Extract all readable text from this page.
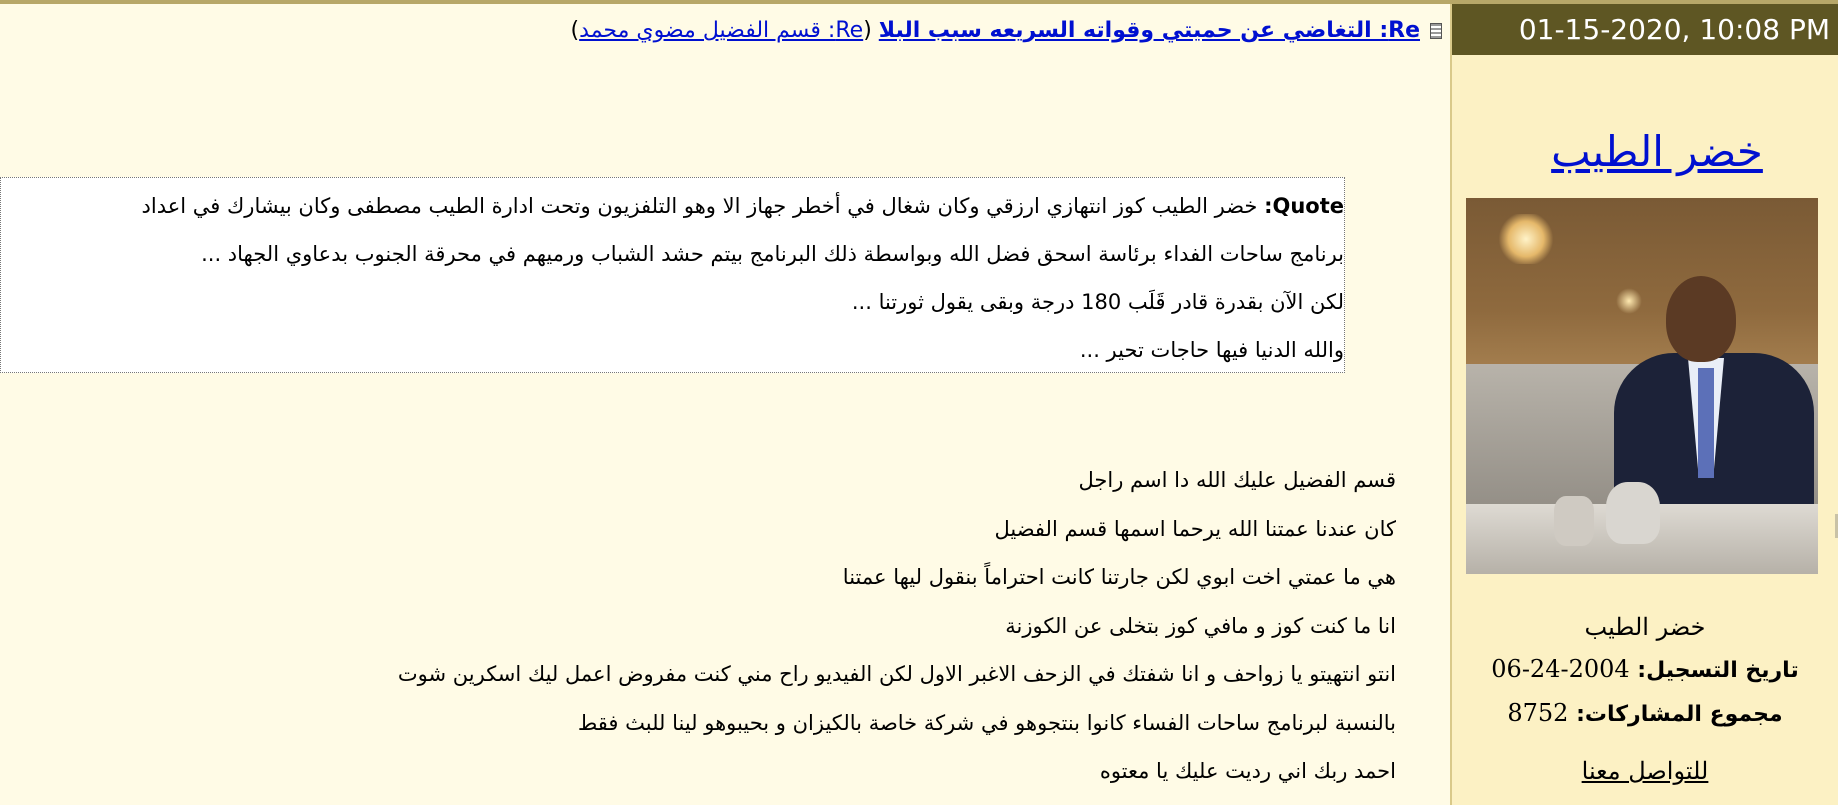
Re: التغاضي عن حميتي وقواته السريعه سبب البلا (Re: قسم الفضيل مضوي محمد)
Quote: خضر الطيب كوز انتهازي ارزقي وكان شغال في أخطر جهاز الا وهو التلفزيون وتحت ادارة الطيب مصطفى وكان بيشارك في اعداد
برنامج ساحات الفداء برئاسة اسحق فضل الله وبواسطة ذلك البرنامج بيتم حشد الشباب ورميهم في محرقة الجنوب بدعاوي الجهاد ...
لكن الآن بقدرة قادر قَلَب 180 درجة وبقى يقول ثورتنا ...
والله الدنيا فيها حاجات تحير ...
قسم الفضيل عليك الله دا اسم راجل
كان عندنا عمتنا الله يرحما اسمها قسم الفضيل
هي ما عمتي اخت ابوي لكن جارتنا كانت احتراماً بنقول ليها عمتنا
انا ما كنت كوز و مافي كوز بتخلى عن الكوزنة
انتو انتهيتو يا زواحف و انا شفتك في الزحف الاغبر الاول لكن الفيديو راح مني كنت مفروض اعمل ليك اسكرين شوت
بالنسبة لبرنامج ساحات الفساء كانوا بنتجوهو في شركة خاصة بالكيزان و بحيبوهو لينا للبث فقط
احمد ربك اني رديت عليك يا معتوه
01-15-2020, 10:08 PM
خضر الطيب
خضر الطيب
تاريخ التسجيل: 06-24-2004
مجموع المشاركات: 8752
للتواصل معنا
